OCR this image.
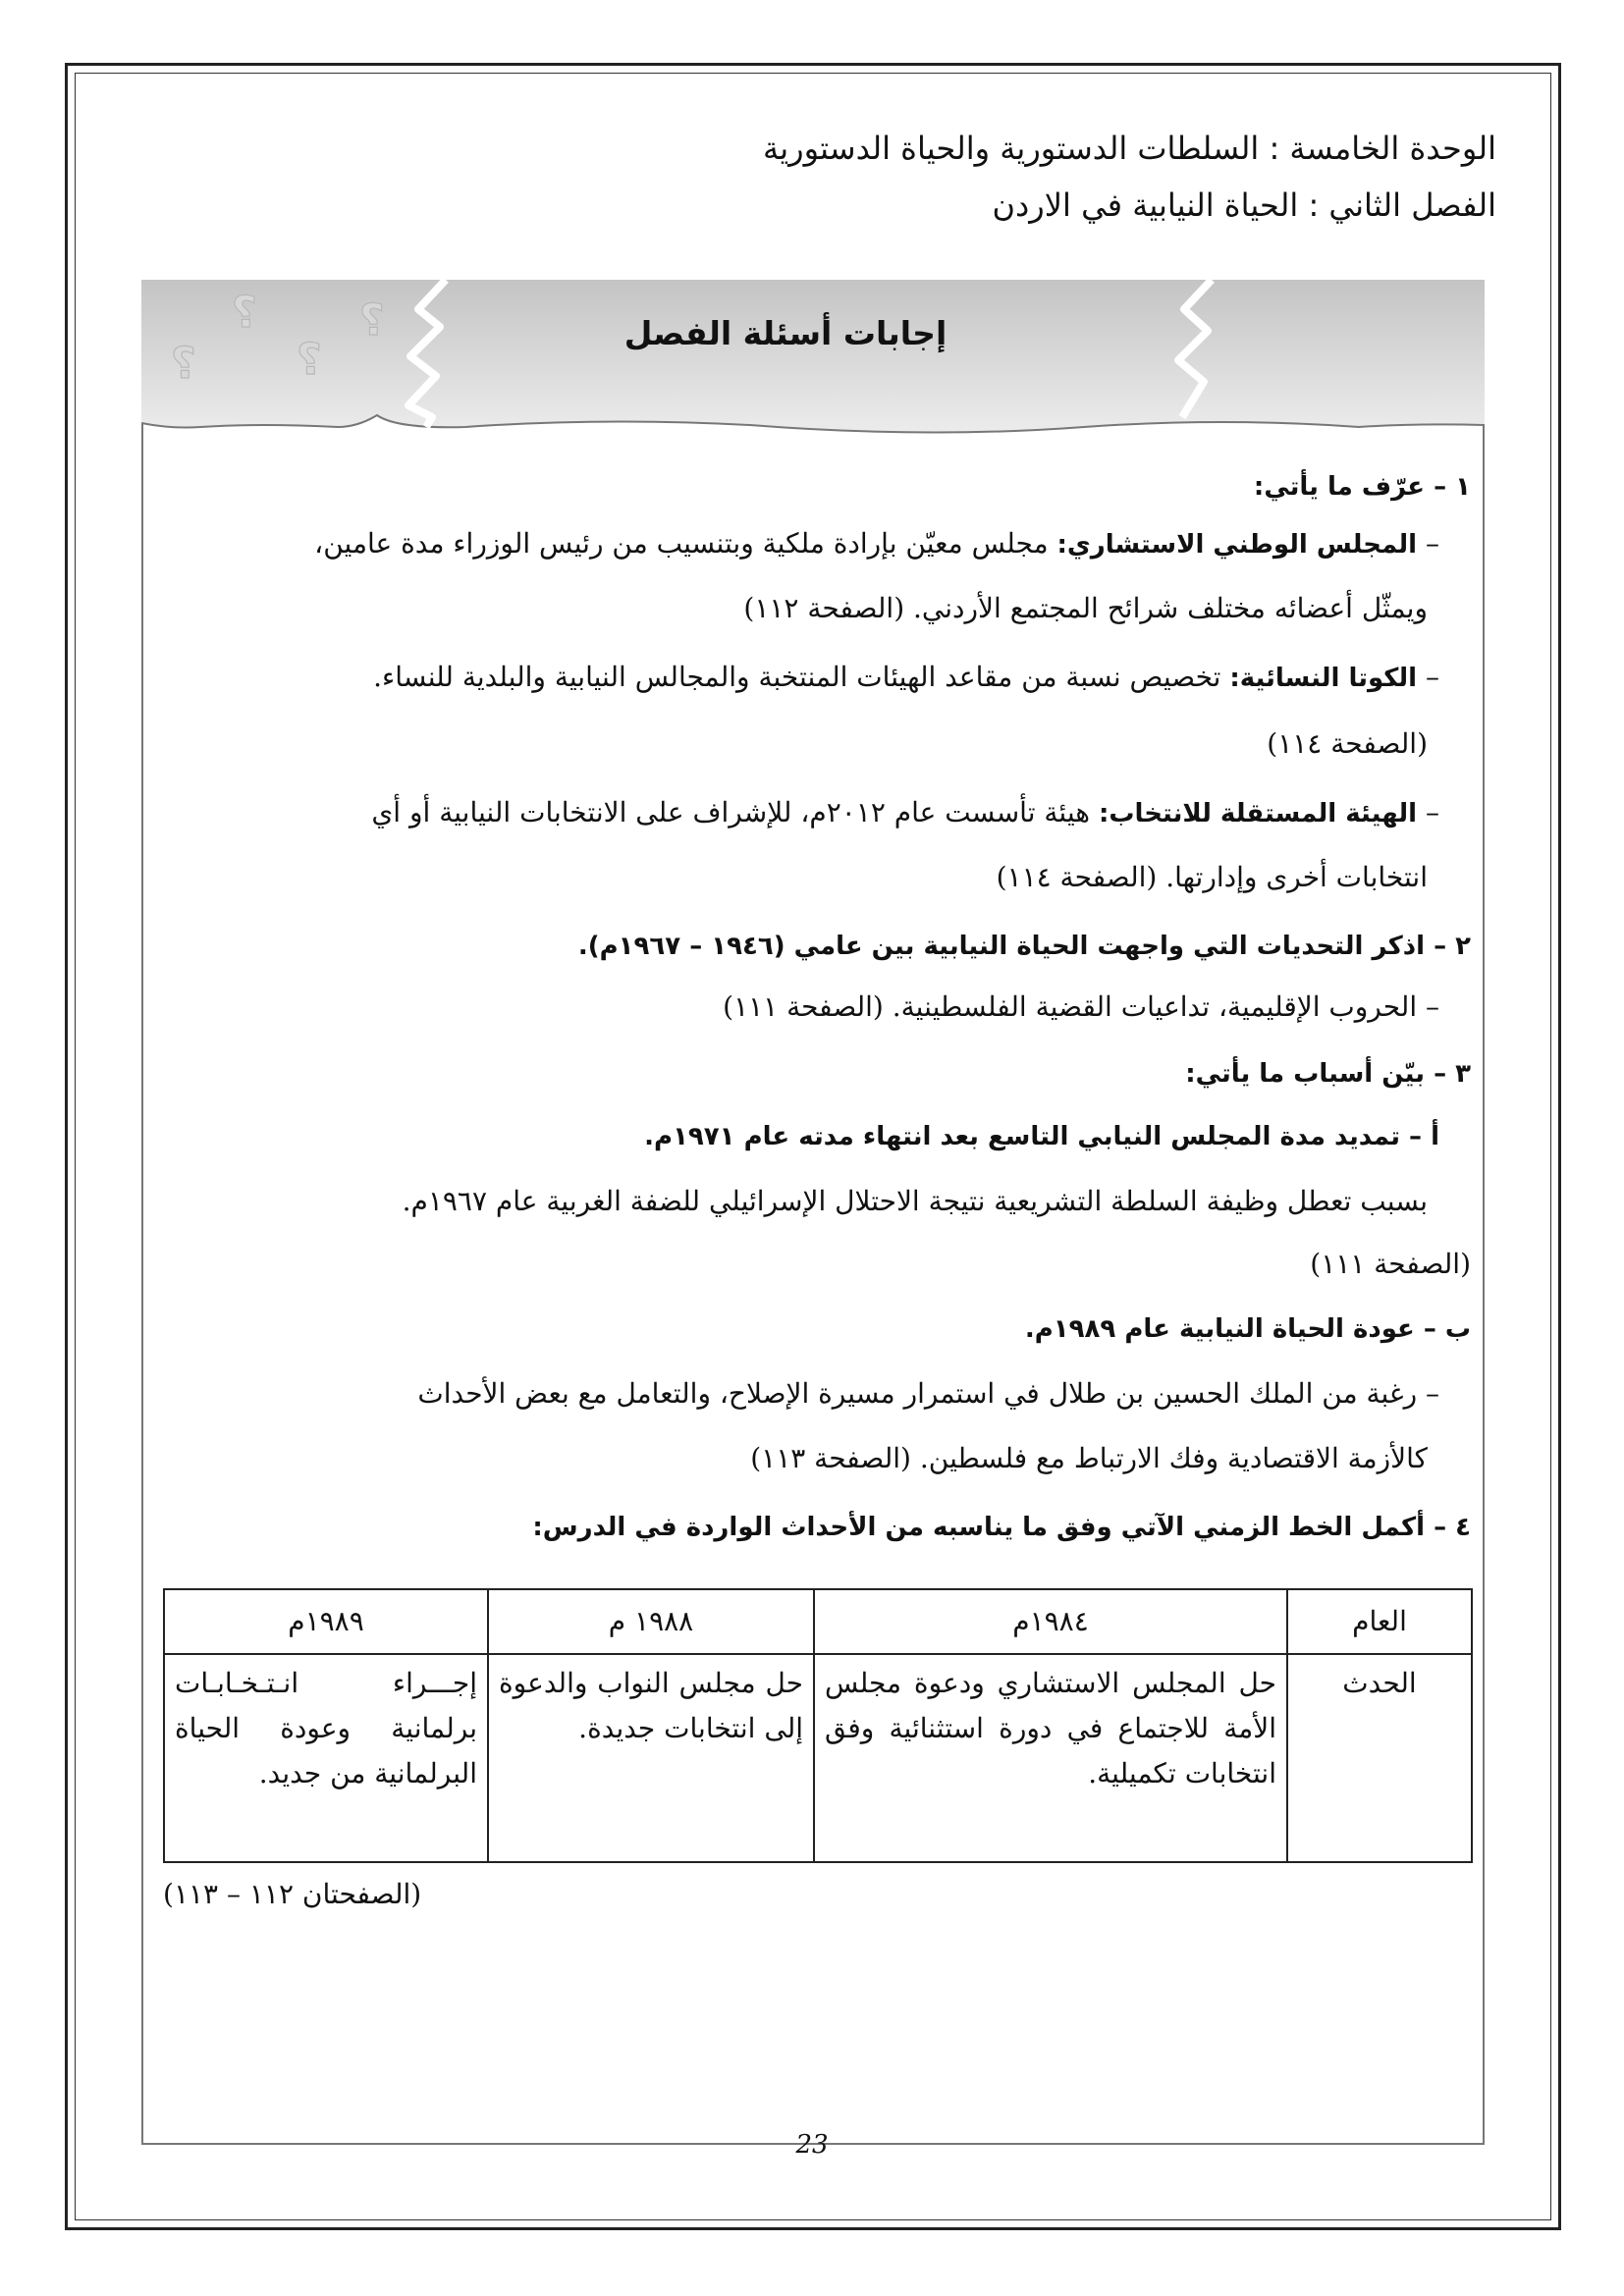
الوحدة الخامسة : السلطات الدستورية والحياة الدستورية
الفصل الثاني : الحياة النيابية في الاردن
؟ ؟
؟ ؟
إجابات أسئلة الفصل
١ – عرّف ما يأتي:
– المجلس الوطني الاستشاري: مجلس معيّن بإرادة ملكية وبتنسيب من رئيس الوزراء مدة عامين،
ويمثّل أعضائه مختلف شرائح المجتمع الأردني. (الصفحة ١١٢)
– الكوتا النسائية: تخصيص نسبة من مقاعد الهيئات المنتخبة والمجالس النيابية والبلدية للنساء.
(الصفحة ١١٤)
– الهيئة المستقلة للانتخاب: هيئة تأسست عام ٢٠١٢م، للإشراف على الانتخابات النيابية أو أي
انتخابات أخرى وإدارتها. (الصفحة ١١٤)
٢ – اذكر التحديات التي واجهت الحياة النيابية بين عامي (١٩٤٦ – ١٩٦٧م).
– الحروب الإقليمية، تداعيات القضية الفلسطينية. (الصفحة ١١١)
٣ – بيّن أسباب ما يأتي:
أ – تمديد مدة المجلس النيابي التاسع بعد انتهاء مدته عام ١٩٧١م.
بسبب تعطل وظيفة السلطة التشريعية نتيجة الاحتلال الإسرائيلي للضفة الغربية عام ١٩٦٧م.
(الصفحة ١١١)
ب – عودة الحياة النيابية عام ١٩٨٩م.
– رغبة من الملك الحسين بن طلال في استمرار مسيرة الإصلاح، والتعامل مع بعض الأحداث
كالأزمة الاقتصادية وفك الارتباط مع فلسطين. (الصفحة ١١٣)
٤ – أكمل الخط الزمني الآتي وفق ما يناسبه من الأحداث الواردة في الدرس:
العام	١٩٨٤م	١٩٨٨ م	١٩٨٩م
الحدث	حل المجلس الاستشاري ودعوة مجلس الأمة للاجتماع في دورة استثنائية وفق انتخابات تكميلية.	حل مجلس النواب والدعوة إلى انتخابات جديدة.	إجـــراء انـتـخـابـات برلمانية وعودة الحياة البرلمانية من جديد.
(الصفحتان ١١٢ – ١١٣)
23
